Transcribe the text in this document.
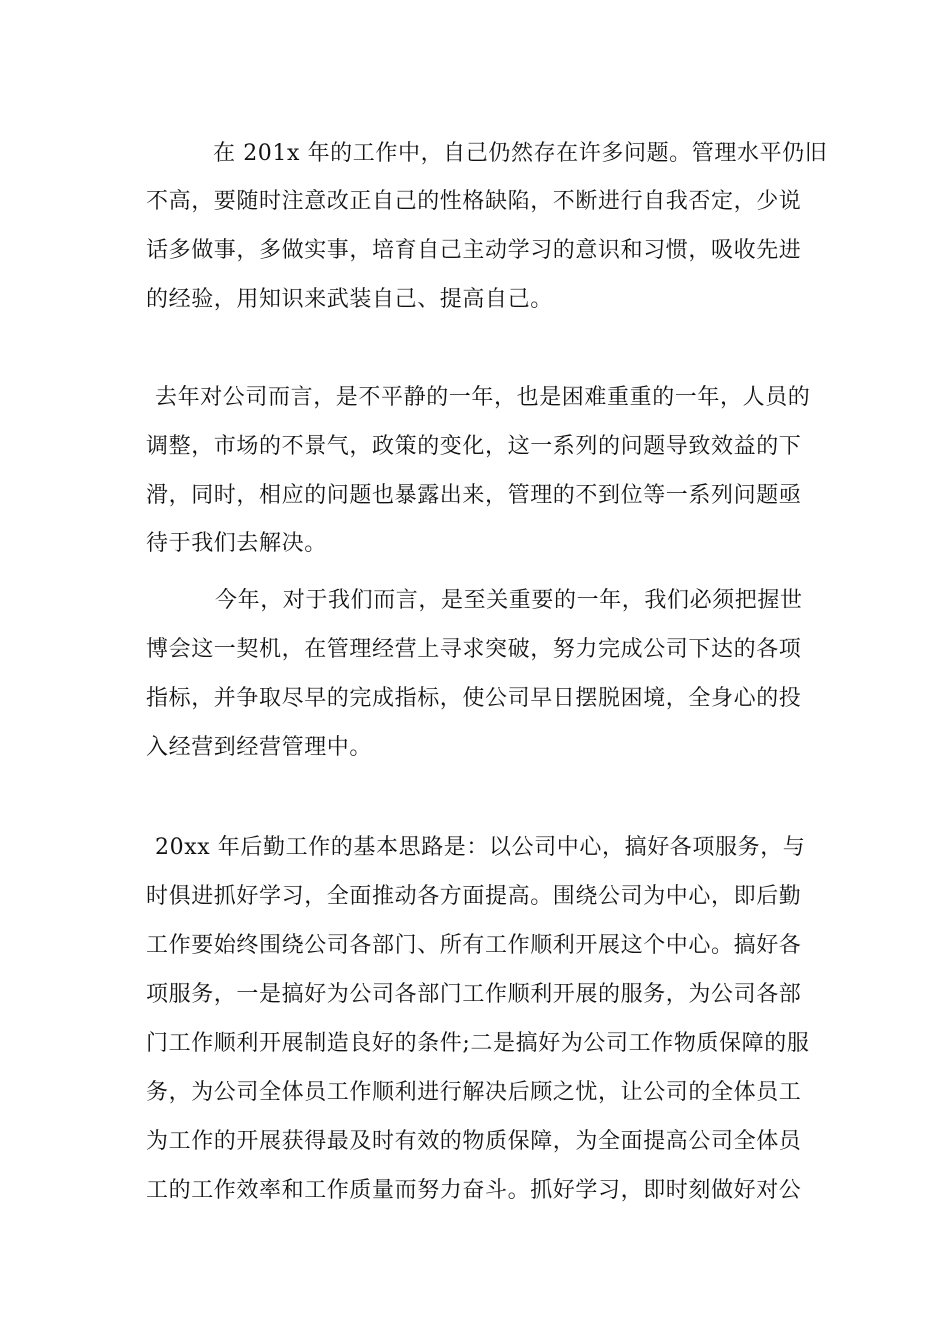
在 201x 年的工作中，自己仍然存在许多问题。管理水平仍旧
不高，要随时注意改正自己的性格缺陷，不断进行自我否定，少说
话多做事，多做实事，培育自己主动学习的意识和习惯，吸收先进
的经验，用知识来武装自己、提高自己。
去年对公司而言，是不平静的一年，也是困难重重的一年，人员的
调整，市场的不景气，政策的变化，这一系列的问题导致效益的下
滑，同时，相应的问题也暴露出来，管理的不到位等一系列问题亟
待于我们去解决。
今年，对于我们而言，是至关重要的一年，我们必须把握世
博会这一契机，在管理经营上寻求突破，努力完成公司下达的各项
指标，并争取尽早的完成指标，使公司早日摆脱困境，全身心的投
入经营到经营管理中。
20xx 年后勤工作的基本思路是：以公司中心，搞好各项服务，与
时俱进抓好学习，全面推动各方面提高。围绕公司为中心，即后勤
工作要始终围绕公司各部门、所有工作顺利开展这个中心。搞好各
项服务，一是搞好为公司各部门工作顺利开展的服务，为公司各部
门工作顺利开展制造良好的条件;二是搞好为公司工作物质保障的服
务，为公司全体员工作顺利进行解决后顾之忧，让公司的全体员工
为工作的开展获得最及时有效的物质保障，为全面提高公司全体员
工的工作效率和工作质量而努力奋斗。抓好学习，即时刻做好对公
